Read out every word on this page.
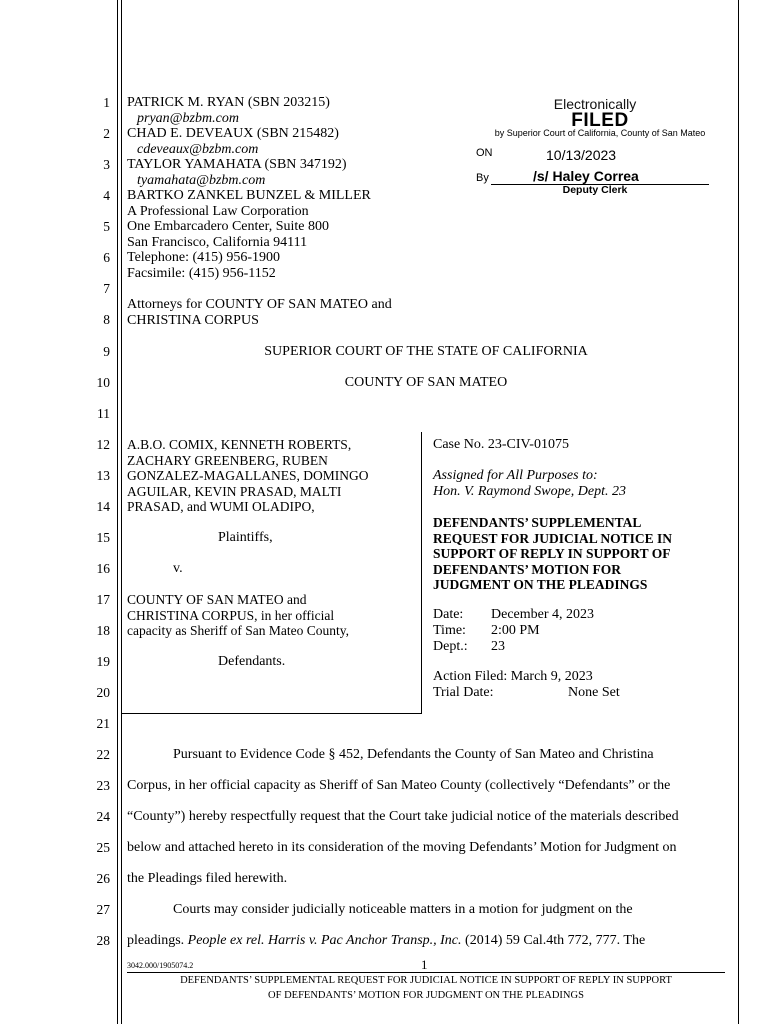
1
2
3
4
5
6
7
8
9
10
11
12
13
14
15
16
17
18
19
20
21
22
23
24
25
26
27
28
PATRICK M. RYAN (SBN 203215)
pryan@bzbm.com
CHAD E. DEVEAUX (SBN 215482)
cdeveaux@bzbm.com
TAYLOR YAMAHATA (SBN 347192)
tyamahata@bzbm.com
BARTKO ZANKEL BUNZEL & MILLER
A Professional Law Corporation
One Embarcadero Center, Suite 800
San Francisco, California 94111
Telephone: (415) 956-1900
Facsimile: (415) 956-1152
Attorneys for COUNTY OF SAN MATEO and
CHRISTINA CORPUS
Electronically
FILED
by Superior Court of California, County of San Mateo
ON	10/13/2023
By	/s/ Haley Correa
Deputy Clerk
SUPERIOR COURT OF THE STATE OF CALIFORNIA
COUNTY OF SAN MATEO
A.B.O. COMIX, KENNETH ROBERTS,
ZACHARY GREENBERG, RUBEN
GONZALEZ-MAGALLANES, DOMINGO
AGUILAR, KEVIN PRASAD, MALTI
PRASAD, and WUMI OLADIPO,
Plaintiffs,
v.
COUNTY OF SAN MATEO and
CHRISTINA CORPUS, in her official
capacity as Sheriff of San Mateo County,
Defendants.
Case No. 23-CIV-01075
Assigned for All Purposes to:
Hon. V. Raymond Swope, Dept. 23
DEFENDANTS’ SUPPLEMENTAL
REQUEST FOR JUDICIAL NOTICE IN
SUPPORT OF REPLY IN SUPPORT OF
DEFENDANTS’ MOTION FOR
JUDGMENT ON THE PLEADINGS
Date: December 4, 2023
Time: 2:00 PM
Dept.: 23
Action Filed: March 9, 2023
Trial Date:	None Set
Pursuant to Evidence Code § 452, Defendants the County of San Mateo and Christina
Corpus, in her official capacity as Sheriff of San Mateo County (collectively “Defendants” or the
“County”) hereby respectfully request that the Court take judicial notice of the materials described
below and attached hereto in its consideration of the moving Defendants’ Motion for Judgment on
the Pleadings filed herewith.
Courts may consider judicially noticeable matters in a motion for judgment on the
pleadings. People ex rel. Harris v. Pac Anchor Transp., Inc. (2014) 59 Cal.4th 772, 777. The
3042.000/1905074.2	1
DEFENDANTS’ SUPPLEMENTAL REQUEST FOR JUDICIAL NOTICE IN SUPPORT OF REPLY IN SUPPORT
OF DEFENDANTS’ MOTION FOR JUDGMENT ON THE PLEADINGS
